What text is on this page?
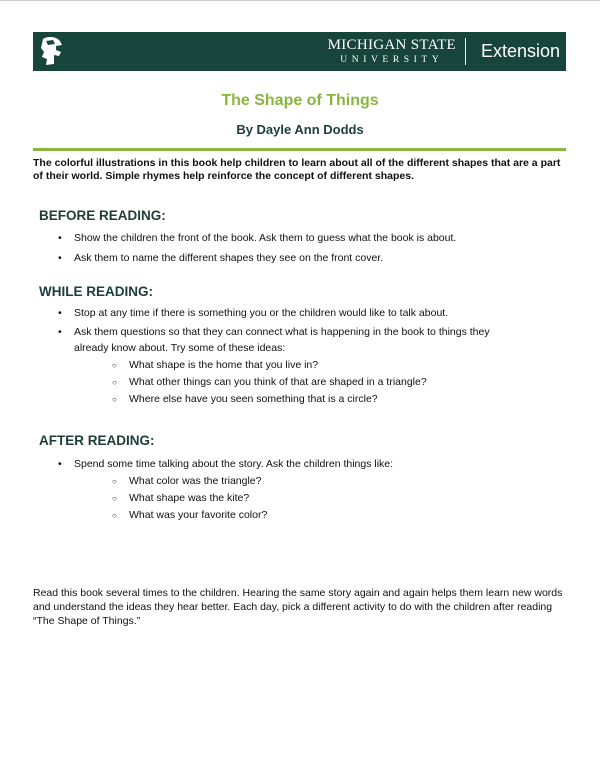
MICHIGAN STATE
UNIVERSITY	Extension
The Shape of Things
By Dayle Ann Dodds
The colorful illustrations in this book help children to learn about all of the different shapes that are a part of their world. Simple rhymes help reinforce the concept of different shapes.
BEFORE READING:
• Show the children the front of the book. Ask them to guess what the book is about.
• Ask them to name the different shapes they see on the front cover.
WHILE READING:
• Stop at any time if there is something you or the children would like to talk about.
• Ask them questions so that they can connect what is happening in the book to things they already know about. Try some of these ideas:
○ What shape is the home that you live in?
○ What other things can you think of that are shaped in a triangle?
○ Where else have you seen something that is a circle?
AFTER READING:
• Spend some time talking about the story. Ask the children things like:
○ What color was the triangle?
○ What shape was the kite?
○ What was your favorite color?
Read this book several times to the children. Hearing the same story again and again helps them learn new words and understand the ideas they hear better. Each day, pick a different activity to do with the children after reading “The Shape of Things.”
